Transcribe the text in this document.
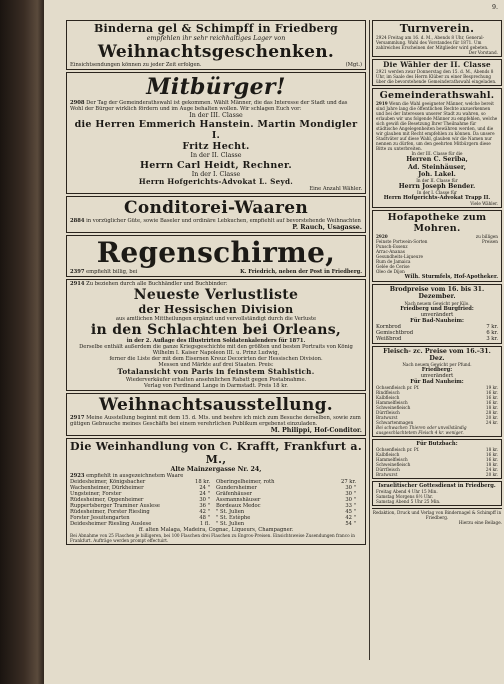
9.
Binderna gel & Schimpff in Friedberg
empfehlen ihr sehr reichhaltiges Lager von
Weihnachtsgeschenken.
Einsichtsendungen können zu jeder Zeit erfolgen.	(Mgt.)
Mitbürger!
2908 Der Tag der Gemeinderathswahl ist gekommen. Wählt Männer, die das Interesse der Stadt und das Wohl der Bürger wirklich fördern und im Auge behalten wollen. Wir schlagen Euch vor:
In der III. Classe
die Herren Emmerich Hanstein. Martin Mondigler I.
Fritz Hecht.
In der II. Classe
Herrn Carl Heidt, Rechner.
In der I. Classe
Herrn Hofgerichts-Advokat L. Seyd.
Eine Anzahl Wähler.
Conditorei-Waaren
2884 in vorzüglicher Güte, sowie Baseler und ordinäre Lebkuchen, empfiehlt auf bevorstehende Weihnachten
P. Rauch, Usagasse.
Regenschirme,
2397 empfiehlt billig, bei	K. Friedrich, neben der Post in Friedberg.
2914 Zu beziehen durch alle Buchhändler und Buchbinder:
Neueste Verlustliste
der Hessischen Division
aus amtlichen Mittheilungen ergänzt und vervollständigt durch die Verluste
in den Schlachten bei Orleans,
in der 2. Auflage des Illustrirten Soldatenkalenders für 1871.
Derselbe enthält außerdem die ganze Kriegsgeschichte mit den größten und besten Portraits von König Wilhelm I. Kaiser Napoleon III. u. Prinz Ludwig,
ferner die Liste der mit dem Eisernen Kreuz Decorirten der Hessischen Division.
Messen und Märkte auf drei Staaten. Preis:
Totalansicht von Paris in feinstem Stahlstich.
Wiederverkäufer erhalten ansehnlichen Rabatt gegen Postabnahme.
Verlag von Ferdinand Lange in Darmstadt. Preis 18 kr.
Weihnachtsausstellung.
2917 Meine Ausstellung beginnt mit dem 15. d. Mts. und beehre ich mich zum Besuche derselben, sowie zum gütigen Gebrauche meines Geschäfts bei einem verehrlichen Publikum ergebenst einzuladen.
M. Philippi, Hof-Conditor.
Die Weinhandlung von C. Krafft, Frankfurt a. M.,
Alte Mainzergasse Nr. 24,
2923 empfiehlt in ausgezeichnetem Waare
Deidesheimer, Königsbacher	18 kr. Oberingelheimer, roth	27 kr.
Wachenheimer, Dürkheimer	24 " Gundersheimer	30 "
Ungsteiner, Forster	24 " Gräfenhäuser	30 "
Rüdesheimer, Oppenheimer	30 " Assmannshäuser	30 "
Ruppertsberger Traminer Auslese	36 " Bordeaux Medoc	33 "
Rüdesheimer, Forster Riesling	42 " " St. Julien	45 "
Forster Jesuitengarten	48 " " St. Estèphe	42 "
Deidesheimer Riesling Auslese	1 fl. " St. Julien	54 "
ff. alten Malaga, Madeira, Cognac, Liqueurs, Champagner.
Bei Abnahme von 25 Flaschen je billigeren, bei 100 Flaschen drei Flaschen zu Engros-Preisen. Einsichtsweise Zusendungen franco in Frankfurt. Aufträge werden prompt effectuirt.
Turnverein.
2924 Freitag am 16. d. M., Abends 8 Uhr, General-Versammlung. Wahl des Vorstandes für 1871. Um zahlreiches Erscheinen der Mitglieder wird gebeten.
Der Vorstand.
Die Wähler der II. Classe
2921 werden zwar Donnerstag den 15. d. M., Abends 8 Uhr, im Saale des Herrn Klüber zu einer Besprechung über die bevorstehende Gemeinderathswahl eingeladen.
Gemeinderathswahl.
2919 Wenn die Wahl geeigneter Männer, welche bereit sind Jahre lang die öffentlichen Rechte anzuerkennen und bei der Interessen unserer Stadt zu wahren, so erlauben wir uns folgende Männer zu empfehlen, welche sich gewiß die Besetzung Ihrer Theilnahme für städtische Angelegenheiten bewähren werden, und die wir glauben mit Recht empfehlen zu können. Da unsere Stadtväter auf diese Wahl, glauben wir die Namen nur nennen zu dürfen, um den geehrten Mitbürgern diese Bitte zu unterbreiten.
In der III. Classe für die
Herren C. Seriba,
Ad. Steinhäuser,
Joh. Lakel.
In der II. Classe für
Herrn Joseph Bender.
In der I. Classe für
Herrn Hofgerichts-Advokat Trapp II.
Viele Wähler.
Hofapotheke zum Mohren.
2920
Feinste Portwein-Sorten
Punsch-Essenz
Arrac-Ananas
Gesundheits-Liqueure
Rum de Jamaica
Gelée de Cerise
Oleo de Dijon
zu billigen Preisen
Wilh. Sturmfels, Hof-Apotheker.
Brodpreise vom 16. bis 31. Dezember.
Nach neuem Gewicht per Kilo.
Friedberg und Burgfried:
unverändert
Für Bad-Nauheim:
Kornbrod	7 kr.
Gemischtbrod	6 kr.
Weißbrod	3 kr.
Fleisch- zc. Preise vom 16.–31. Dez.
Nach neuem Gewicht per Pfund.
Friedberg:
unverändert
Für Bad Nauheim:
Ochsenfleisch pr. Pf.	19 kr.
Rindfleisch	16 kr.
Kalbfleisch	16 kr.
Hammelfleisch	16 kr.
Schweinefleisch	18 kr.
Dürrfleisch	28 kr.
Bratwurst	20 kr.
Schwartenmagen	24 kr.
Bei schwachen Thieren oder unvollständig ausgeschlachtetem Fleisch 4 kr. weniger.
Für Butzbach:
Ochsenfleisch pr. Pf.	18 kr.
Kalbfleisch	16 kr.
Hammelfleisch	16 kr.
Schweinefleisch	18 kr.
Dürrfleisch	24 kr.
Bratwurst	20 kr.
Israelitischer Gottesdienst in Friedberg.
Freitag Abend 4 Uhr 15 Min.
Samstag Morgens 8½ Uhr.
Samstag Abend 5 Uhr 25 Min.
Redaktion, Druck und Verlag von Bindernagel & Schimpff in Friedberg.
Hierzu eine Beilage.
